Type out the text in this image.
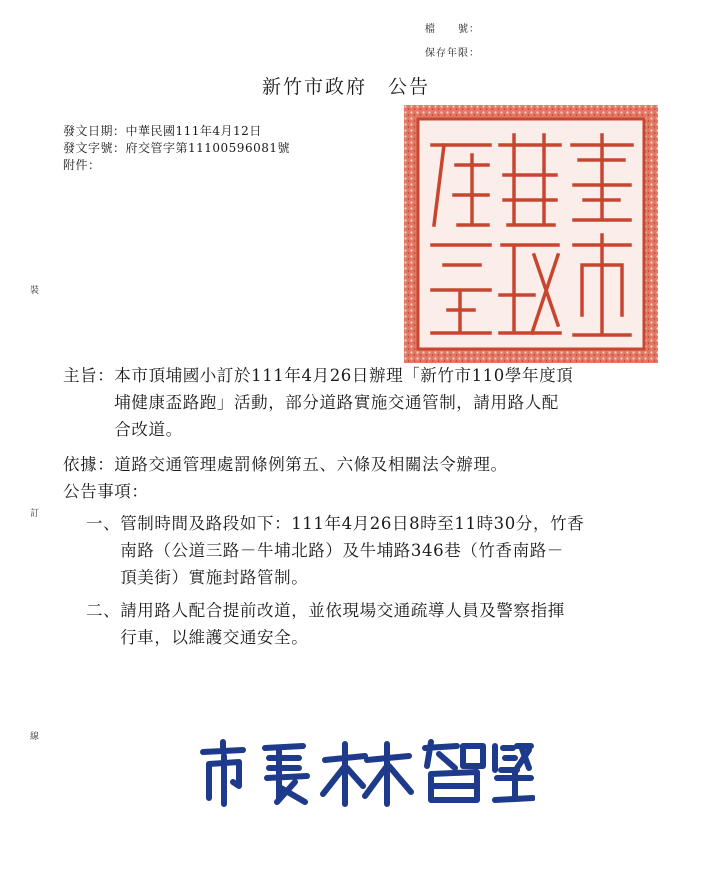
檔　　號：
保存年限：
新竹市政府　公告
發文日期：中華民國111年4月12日
發文字號：府交管字第11100596081號
附件：
裝
訂
線
主旨：本市頂埔國小訂於111年4月26日辦理「新竹市110學年度頂
　　　埔健康盃路跑」活動，部分道路實施交通管制，請用路人配
　　　合改道。
依據：道路交通管理處罰條例第五、六條及相關法令辦理。
公告事項：
一、管制時間及路段如下：111年4月26日8時至11時30分，竹香
　　南路（公道三路－牛埔北路）及牛埔路346巷（竹香南路－
　　頂美街）實施封路管制。
二、請用路人配合提前改道，並依現場交通疏導人員及警察指揮
　　行車，以維護交通安全。
